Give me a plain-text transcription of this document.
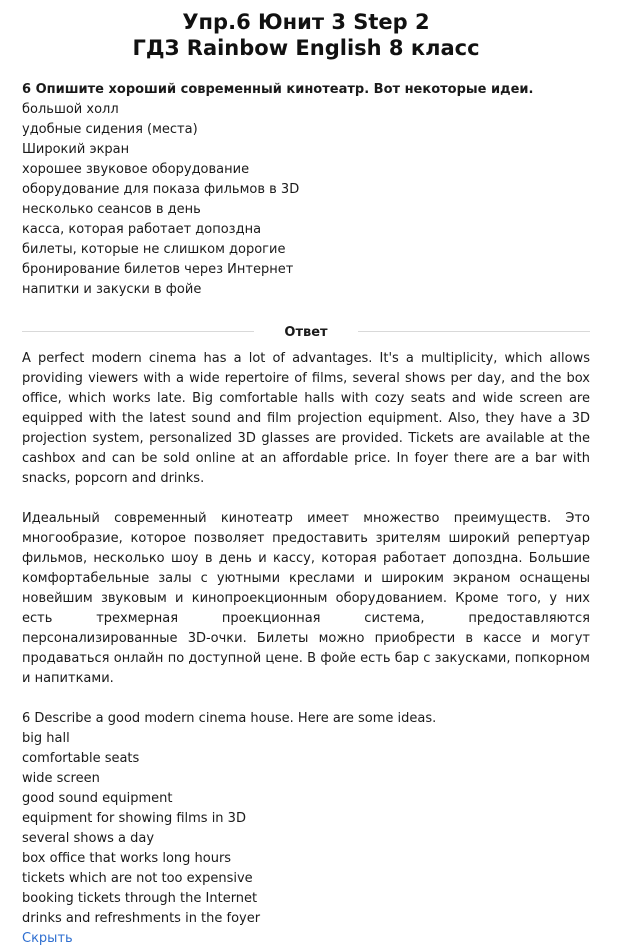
Упр.6 Юнит 3 Step 2
ГДЗ Rainbow English 8 класс
6 Опишите хороший современный кинотеатр. Вот некоторые идеи.
большой холл
удобные сидения (места)
Широкий экран
хорошее звуковое оборудование
оборудование для показа фильмов в 3D
несколько сеансов в день
касса, которая работает допоздна
билеты, которые не слишком дорогие
бронирование билетов через Интернет
напитки и закуски в фойе
Ответ

A perfect modern cinema has a lot of advantages. It's a multiplicity, which allows providing viewers with a wide repertoire of films, several shows per day, and the box office, which works late. Big comfortable halls with cozy seats and wide screen are equipped with the latest sound and film projection equipment. Also, they have a 3D projection system, personalized 3D glasses are provided. Tickets are available at the cashbox and can be sold online at an affordable price. In foyer there are a bar with snacks, popcorn and drinks.

Идеальный современный кинотеатр имеет множество преимуществ. Это многообразие, которое позволяет предоставить зрителям широкий репертуар фильмов, несколько шоу в день и кассу, которая работает допоздна. Большие комфортабельные залы с уютными креслами и широким экраном оснащены новейшим звуковым и кинопроекционным оборудованием. Кроме того, у них есть трехмерная проекционная система, предоставляются персонализированные 3D-очки. Билеты можно приобрести в кассе и могут продаваться онлайн по доступной цене. В фойе есть бар с закусками, попкорном и напитками.

6 Describe a good modern cinema house. Here are some ideas.
big hall
comfortable seats
wide screen
good sound equipment
equipment for showing films in 3D
several shows a day
box office that works long hours
tickets which are not too expensive
booking tickets through the Internet
drinks and refreshments in the foyer
Скрыть
